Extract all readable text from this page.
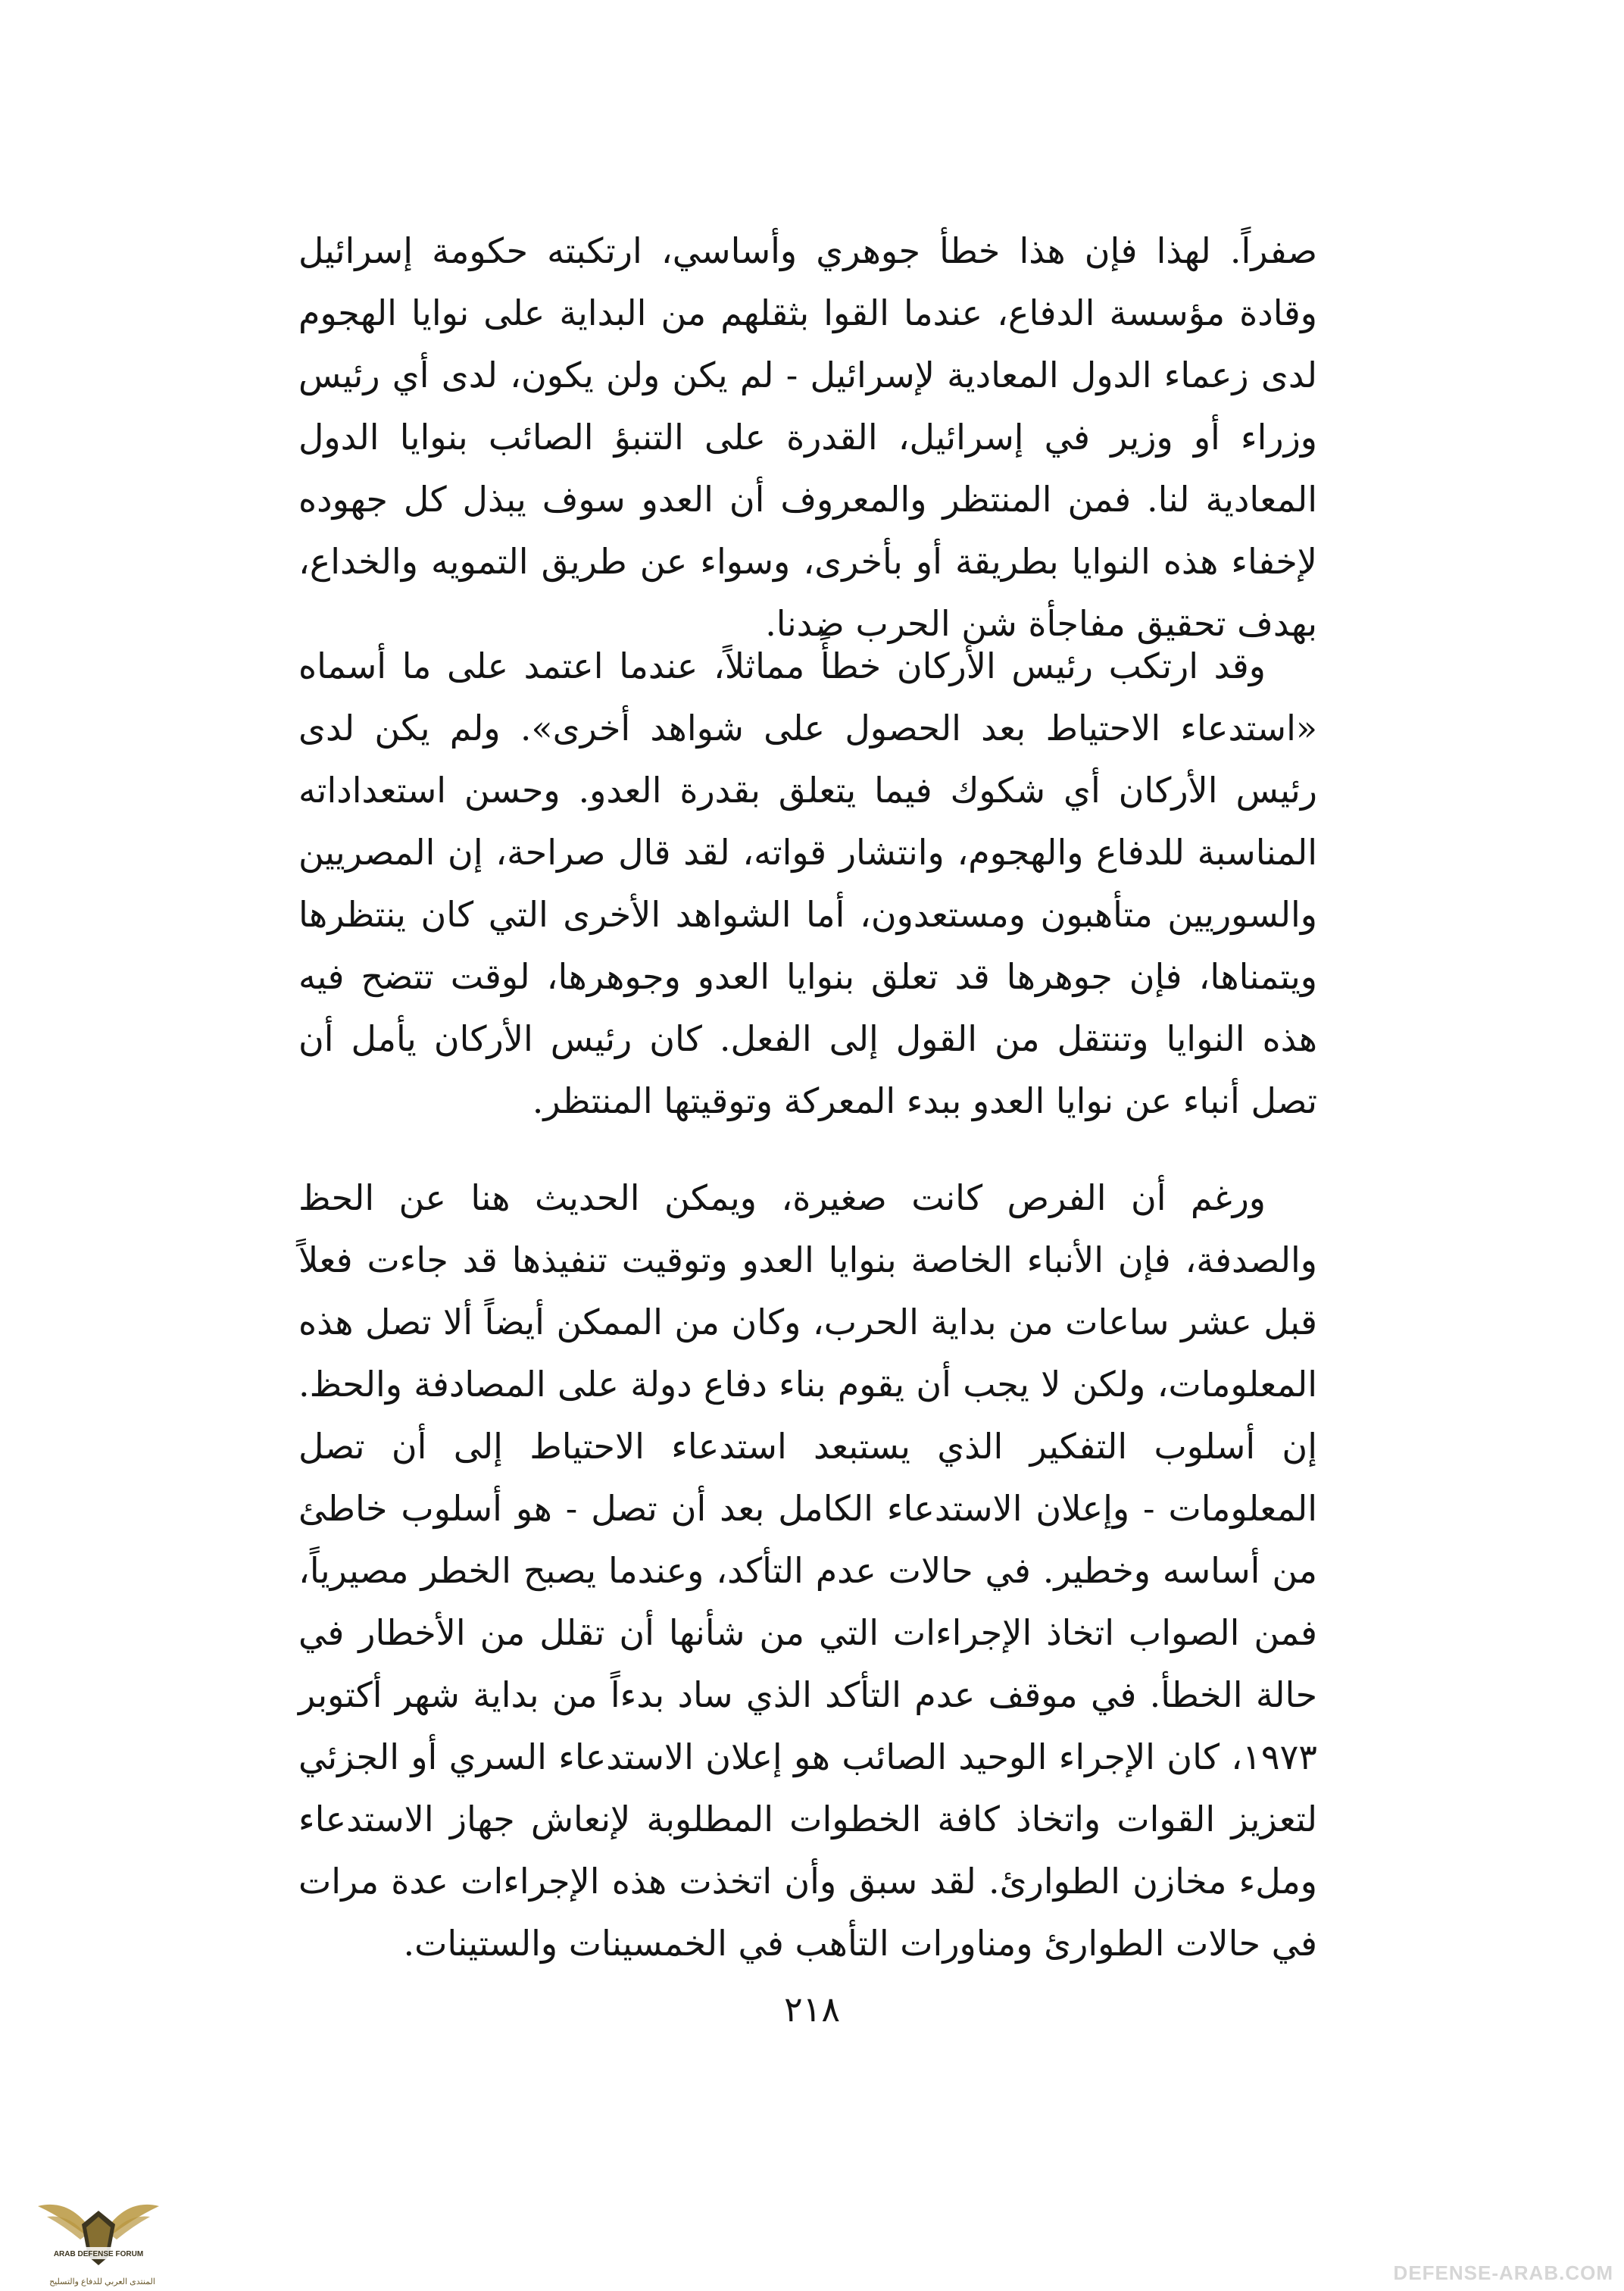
صفراً. لهذا فإن هذا خطأ جوهري وأساسي، ارتكبته حكومة إسرائيل وقادة مؤسسة الدفاع، عندما القوا بثقلهم من البداية على نوايا الهجوم لدى زعماء الدول المعادية لإسرائيل - لم يكن ولن يكون، لدى أي رئيس وزراء أو وزير في إسرائيل، القدرة على التنبؤ الصائب بنوايا الدول المعادية لنا. فمن المنتظر والمعروف أن العدو سوف يبذل كل جهوده لإخفاء هذه النوايا بطريقة أو بأخرى، وسواء عن طريق التمويه والخداع، بهدف تحقيق مفاجأة شن الحرب ضدنا.

وقد ارتكب رئيس الأركان خطأً مماثلاً، عندما اعتمد على ما أسماه «استدعاء الاحتياط بعد الحصول على شواهد أخرى». ولم يكن لدى رئيس الأركان أي شكوك فيما يتعلق بقدرة العدو. وحسن استعداداته المناسبة للدفاع والهجوم، وانتشار قواته، لقد قال صراحة، إن المصريين والسوريين متأهبون ومستعدون، أما الشواهد الأخرى التي كان ينتظرها ويتمناها، فإن جوهرها قد تعلق بنوايا العدو وجوهرها، لوقت تتضح فيه هذه النوايا وتنتقل من القول إلى الفعل. كان رئيس الأركان يأمل أن تصل أنباء عن نوايا العدو ببدء المعركة وتوقيتها المنتظر.

ورغم أن الفرص كانت صغيرة، ويمكن الحديث هنا عن الحظ والصدفة، فإن الأنباء الخاصة بنوايا العدو وتوقيت تنفيذها قد جاءت فعلاً قبل عشر ساعات من بداية الحرب، وكان من الممكن أيضاً ألا تصل هذه المعلومات، ولكن لا يجب أن يقوم بناء دفاع دولة على المصادفة والحظ. إن أسلوب التفكير الذي يستبعد استدعاء الاحتياط إلى أن تصل المعلومات - وإعلان الاستدعاء الكامل بعد أن تصل - هو أسلوب خاطئ من أساسه وخطير. في حالات عدم التأكد، وعندما يصبح الخطر مصيرياً، فمن الصواب اتخاذ الإجراءات التي من شأنها أن تقلل من الأخطار في حالة الخطأ. في موقف عدم التأكد الذي ساد بدءاً من بداية شهر أكتوبر ١٩٧٣، كان الإجراء الوحيد الصائب هو إعلان الاستدعاء السري أو الجزئي لتعزيز القوات واتخاذ كافة الخطوات المطلوبة لإنعاش جهاز الاستدعاء وملء مخازن الطوارئ. لقد سبق وأن اتخذت هذه الإجراءات عدة مرات في حالات الطوارئ ومناورات التأهب في الخمسينات والستينات.

٢١٨
ARAB DEFENSE FORUM
المنتدى العربي للدفاع والتسليح	DEFENSE-ARAB.COM
